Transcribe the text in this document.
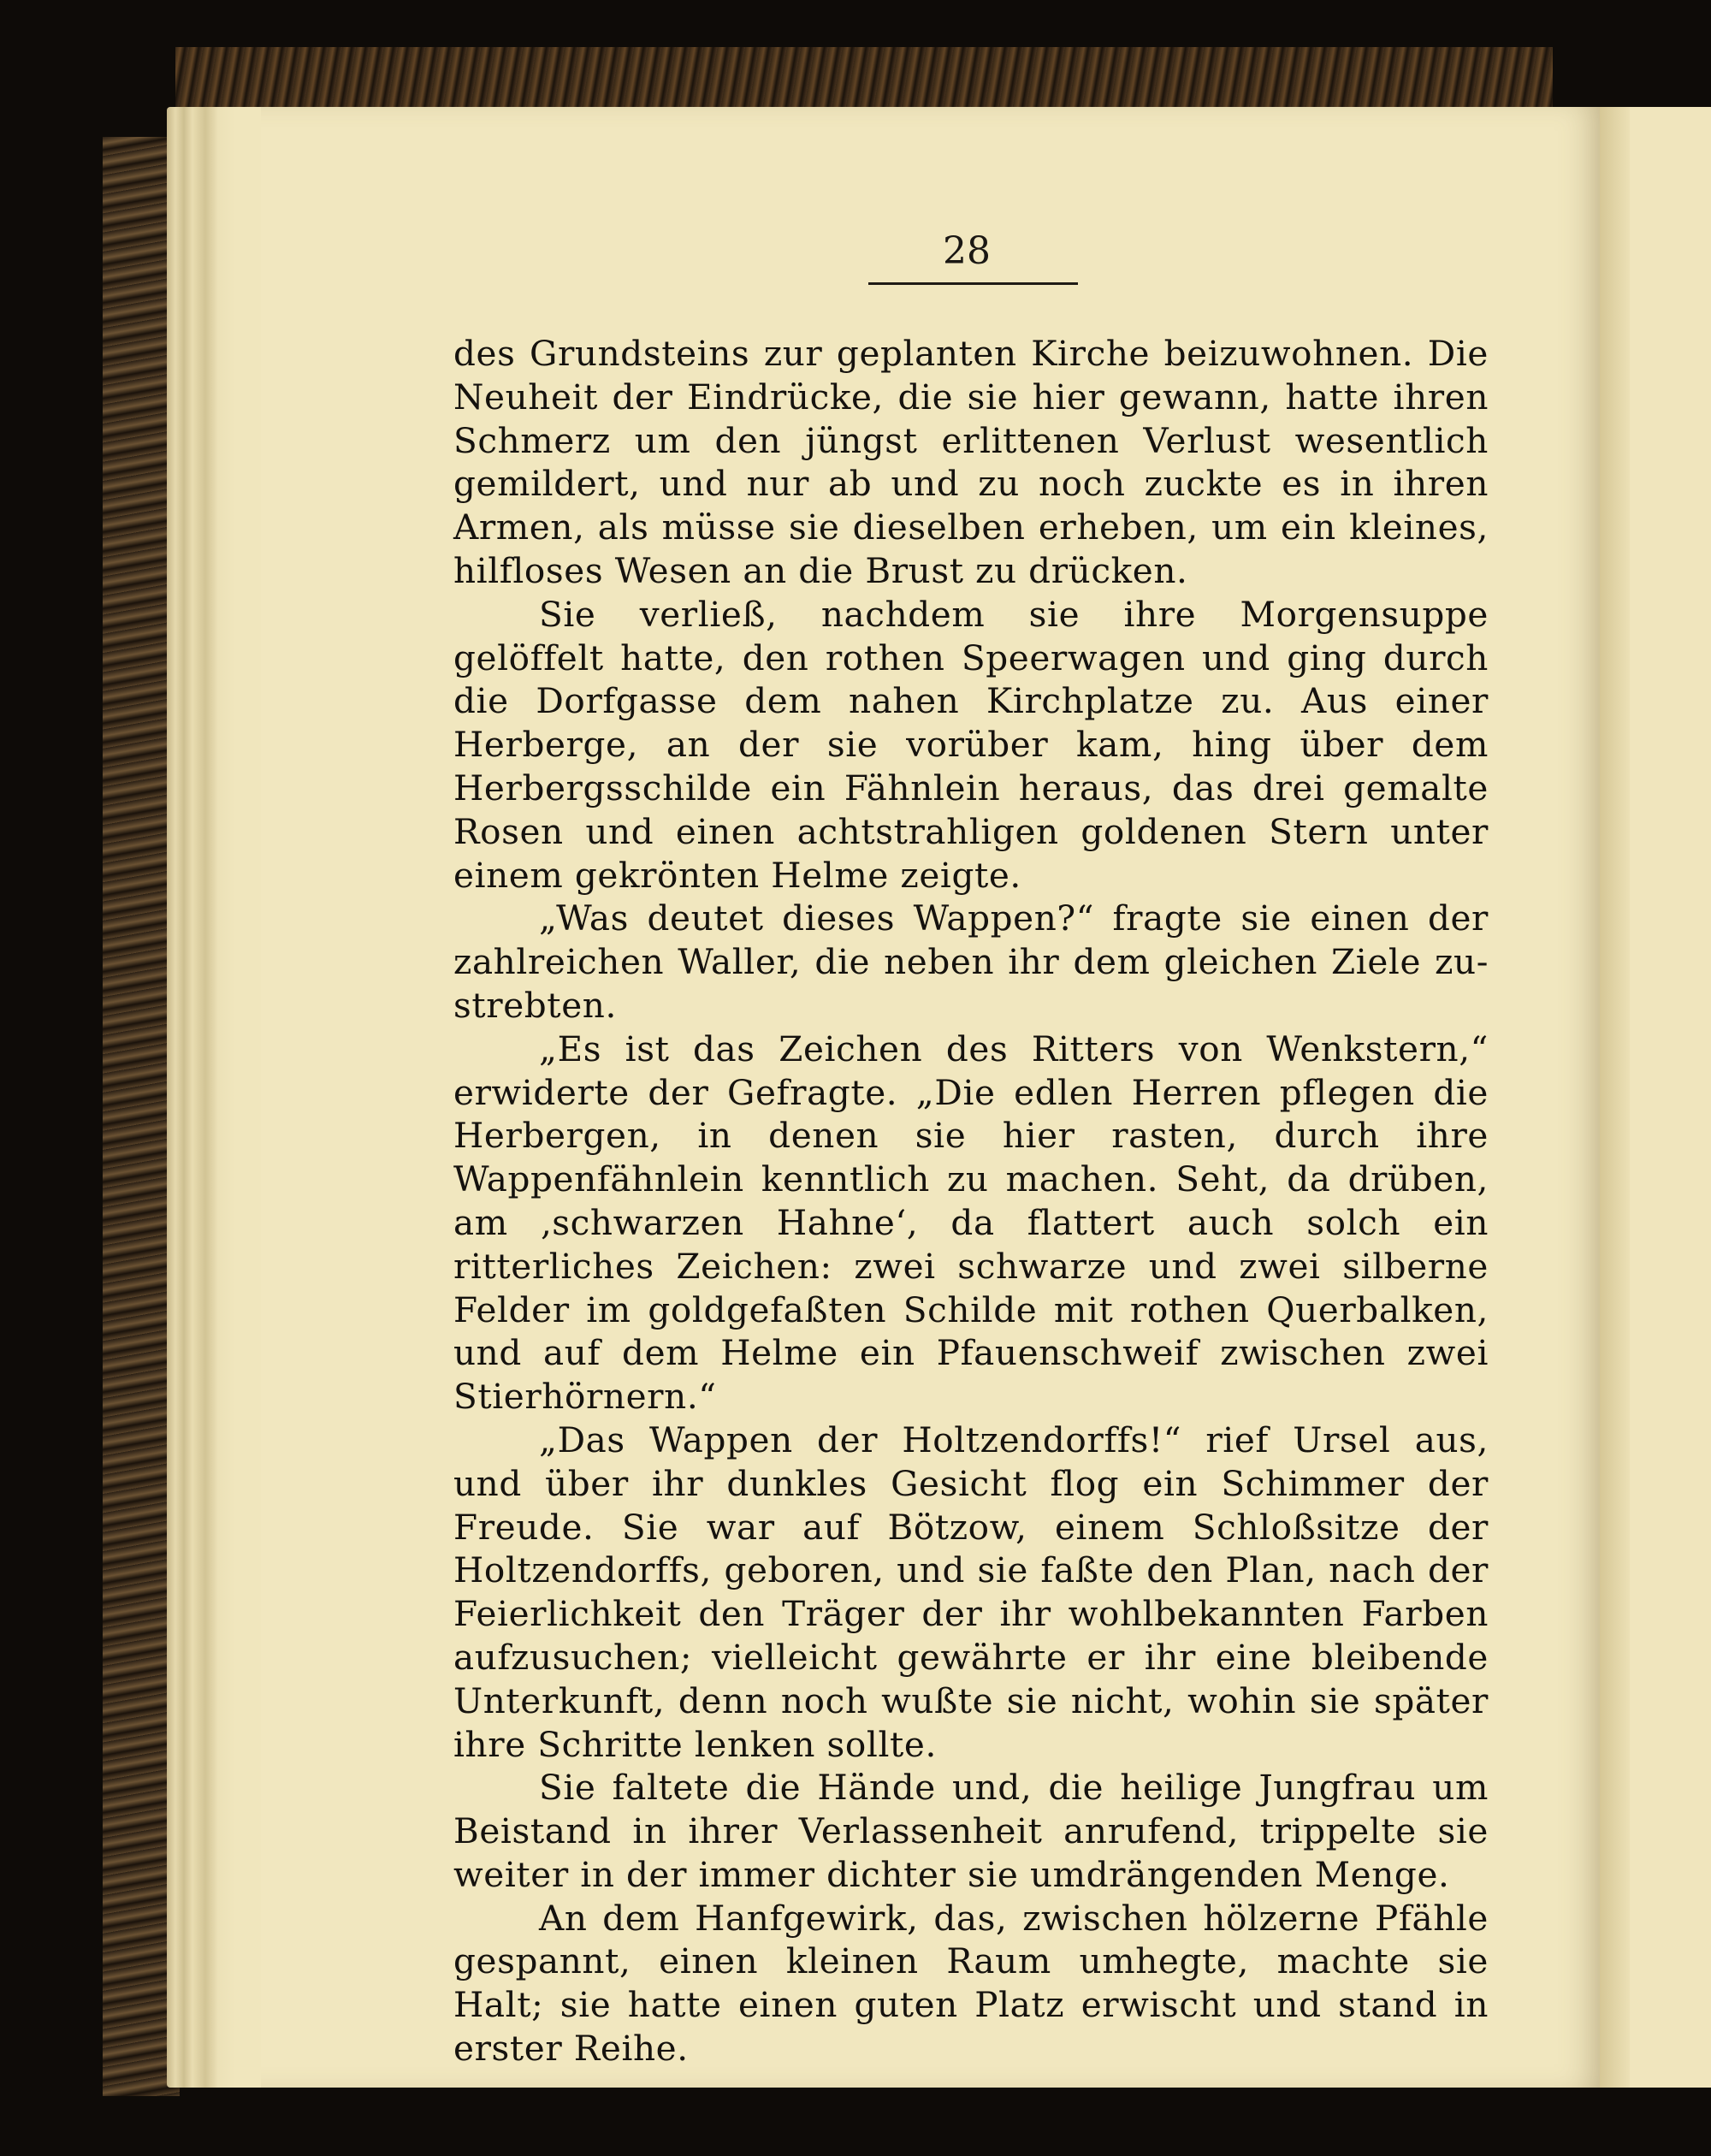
28

des Grundsteins zur geplanten Kirche beizuwohnen. Die Neuheit der Eindrücke, die sie hier gewann, hatte ihren Schmerz um den jüngst erlittenen Verlust wesentlich gemildert, und nur ab und zu noch zuckte es in ihren Armen, als müsse sie dieselben erheben, um ein kleines, hilfloses Wesen an die Brust zu drücken.

Sie verließ, nachdem sie ihre Morgensuppe gelöffelt hatte, den rothen Speerwagen und ging durch die Dorfgasse dem nahen Kirchplatze zu. Aus einer Herberge, an der sie vorüber kam, hing über dem Herbergsschilde ein Fähnlein heraus, das drei gemalte Rosen und einen achtstrahligen goldenen Stern unter einem gekrönten Helme zeigte.

„Was deutet dieses Wappen?“ fragte sie einen der zahlreichen Waller, die neben ihr dem gleichen Ziele zu-strebten.

„Es ist das Zeichen des Ritters von Wenkstern,“ erwiderte der Gefragte. „Die edlen Herren pflegen die Herbergen, in denen sie hier rasten, durch ihre Wappenfähnlein kenntlich zu machen. Seht, da drüben, am ‚schwarzen Hahne‘, da flattert auch solch ein ritterliches Zeichen: zwei schwarze und zwei silberne Felder im goldgefaßten Schilde mit rothen Querbalken, und auf dem Helme ein Pfauenschweif zwischen zwei Stierhörnern.“

„Das Wappen der Holtzendorffs!“ rief Ursel aus, und über ihr dunkles Gesicht flog ein Schimmer der Freude. Sie war auf Bötzow, einem Schloßsitze der Holtzendorffs, geboren, und sie faßte den Plan, nach der Feierlichkeit den Träger der ihr wohlbekannten Farben aufzusuchen; vielleicht gewährte er ihr eine bleibende Unterkunft, denn noch wußte sie nicht, wohin sie später ihre Schritte lenken sollte.

Sie faltete die Hände und, die heilige Jungfrau um Beistand in ihrer Verlassenheit anrufend, trippelte sie weiter in der immer dichter sie umdrängenden Menge.

An dem Hanfgewirk, das, zwischen hölzerne Pfähle gespannt, einen kleinen Raum umhegte, machte sie Halt; sie hatte einen guten Platz erwischt und stand in erster Reihe.
